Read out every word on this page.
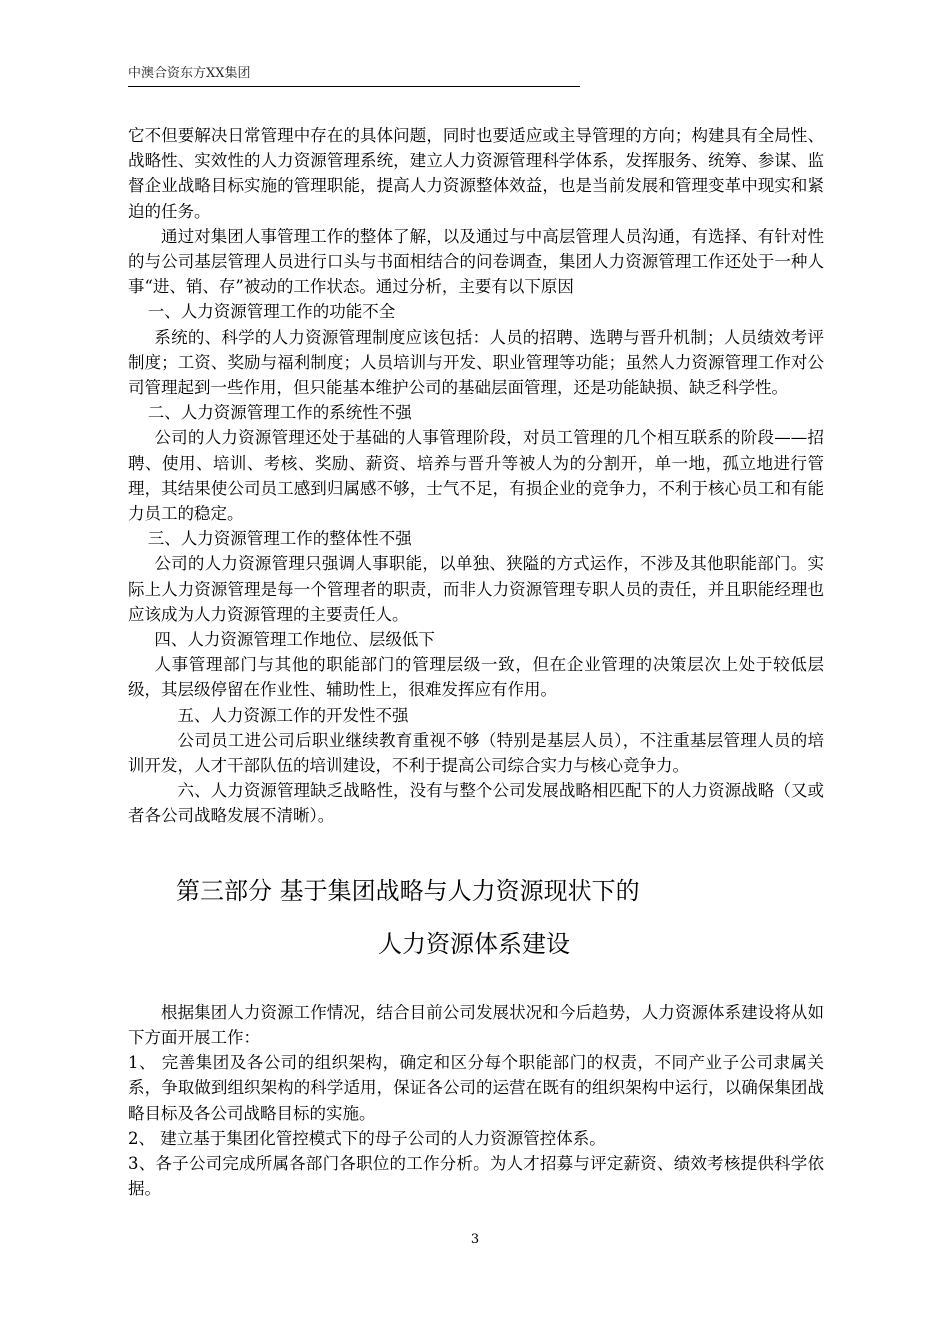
中澳合资东方XX集团

它不但要解决日常管理中存在的具体问题，同时也要适应或主导管理的方向；构建具有全局性、战略性、实效性的人力资源管理系统，建立人力资源管理科学体系，发挥服务、统筹、参谋、监督企业战略目标实施的管理职能，提高人力资源整体效益，也是当前发展和管理变革中现实和紧迫的任务。

通过对集团人事管理工作的整体了解，以及通过与中高层管理人员沟通，有选择、有针对性的与公司基层管理人员进行口头与书面相结合的问卷调查，集团人力资源管理工作还处于一种人事“进、销、存”被动的工作状态。通过分析，主要有以下原因

一、人力资源管理工作的功能不全

系统的、科学的人力资源管理制度应该包括：人员的招聘、选聘与晋升机制；人员绩效考评制度；工资、奖励与福利制度；人员培训与开发、职业管理等功能；虽然人力资源管理工作对公司管理起到一些作用，但只能基本维护公司的基础层面管理，还是功能缺损、缺乏科学性。

二、人力资源管理工作的系统性不强

公司的人力资源管理还处于基础的人事管理阶段，对员工管理的几个相互联系的阶段——招聘、使用、培训、考核、奖励、薪资、培养与晋升等被人为的分割开，单一地，孤立地进行管理，其结果使公司员工感到归属感不够，士气不足，有损企业的竞争力，不利于核心员工和有能力员工的稳定。

三、人力资源管理工作的整体性不强

公司的人力资源管理只强调人事职能，以单独、狭隘的方式运作，不涉及其他职能部门。实际上人力资源管理是每一个管理者的职责，而非人力资源管理专职人员的责任，并且职能经理也应该成为人力资源管理的主要责任人。

四、人力资源管理工作地位、层级低下

人事管理部门与其他的职能部门的管理层级一致，但在企业管理的决策层次上处于较低层级，其层级停留在作业性、辅助性上，很难发挥应有作用。

五、人力资源工作的开发性不强

公司员工进公司后职业继续教育重视不够（特别是基层人员），不注重基层管理人员的培训开发，人才干部队伍的培训建设，不利于提高公司综合实力与核心竞争力。

六、人力资源管理缺乏战略性，没有与整个公司发展战略相匹配下的人力资源战略（又或者各公司战略发展不清晰）。

第三部分 基于集团战略与人力资源现状下的

人力资源体系建设

根据集团人力资源工作情况，结合目前公司发展状况和今后趋势，人力资源体系建设将从如下方面开展工作：

1、 完善集团及各公司的组织架构，确定和区分每个职能部门的权责，不同产业子公司隶属关系，争取做到组织架构的科学适用，保证各公司的运营在既有的组织架构中运行，以确保集团战略目标及各公司战略目标的实施。

2、 建立基于集团化管控模式下的母子公司的人力资源管控体系。

3、各子公司完成所属各部门各职位的工作分析。为人才招募与评定薪资、绩效考核提供科学依据。

3
